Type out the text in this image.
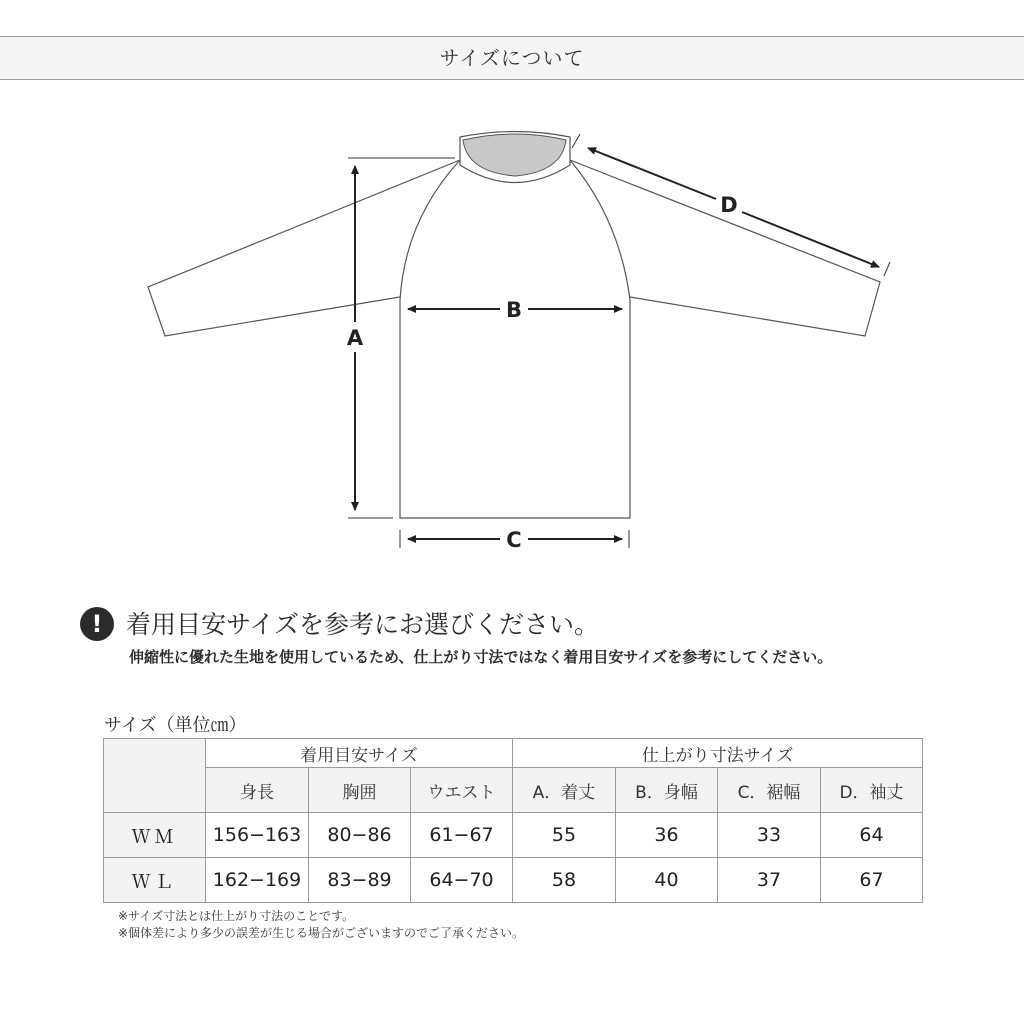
サイズについて
A
B
C
D
! 着用目安サイズを参考にお選びください。
伸縮性に優れた生地を使用しているため、仕上がり寸法ではなく着用目安サイズを参考にしてください。
サイズ（単位㎝）
	着用目安サイズ			仕上がり寸法サイズ			
	身長	胸囲	ウエスト	A．着丈	B．身幅	C．裾幅	D．袖丈
ＷＭ	156−163	80−86	61−67	55	36	33	64
ＷＬ	162−169	83−89	64−70	58	40	37	67
※サイズ寸法とは仕上がり寸法のことです。
※個体差により多少の誤差が生じる場合がございますのでご了承ください。
